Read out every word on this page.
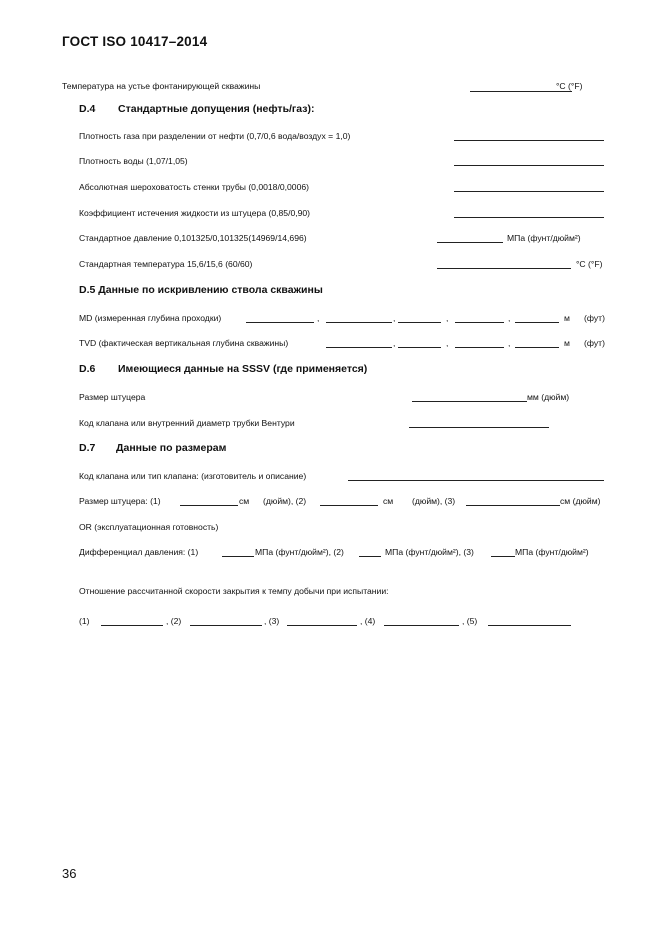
ГОСТ ISO 10417–2014
Температура на устье фонтанирующей скважины	°C (°F)
D.4 Стандартные допущения (нефть/газ):
Плотность газа при разделении от нефти (0,7/0,6 вода/воздух = 1,0)
Плотность воды (1,07/1,05)
Абсолютная шероховатость стенки трубы (0,0018/0,0006)
Коэффициент истечения жидкости из штуцера (0,85/0,90)
Стандартное давление 0,101325/0,101325(14969/14,696)	МПа (фунт/дюйм²)
Стандартная температура 15,6/15,6 (60/60)	°C (°F)
D.5 Данные по искривлению ствола скважины
MD (измеренная глубина проходки)	,	,	,	,	м (фут)
TVD (фактическая вертикальная глубина скважины)	,	,	,	м (фут)
D.6 Имеющиеся данные на SSSV (где применяется)
Размер штуцера	мм (дюйм)
Код клапана или внутренний диаметр трубки Вентури
D.7 Данные по размерам
Код клапана или тип клапана: (изготовитель и описание)
Размер штуцера: (1)	см (дюйм), (2)	см (дюйм), (3)	см (дюйм)
OR (эксплуатационная готовность)
Дифференциал давления: (1)	МПа (фунт/дюйм²), (2)	МПа (фунт/дюйм²), (3)	МПа (фунт/дюйм²)
Отношение рассчитанной скорости закрытия к темпу добычи при испытании:
(1)	, (2)	, (3)	, (4)	, (5)
36
